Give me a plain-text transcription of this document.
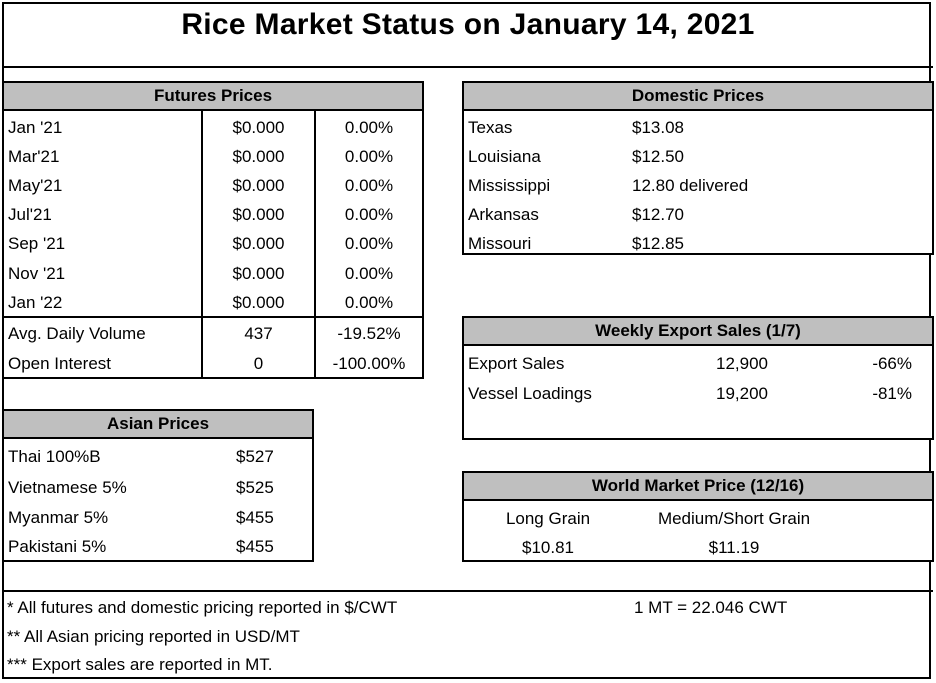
Rice Market Status on January 14, 2021
Futures Prices
Jan '21	$0.000	0.00%
Mar'21	$0.000	0.00%
May'21	$0.000	0.00%
Jul'21	$0.000	0.00%
Sep '21	$0.000	0.00%
Nov '21	$0.000	0.00%
Jan '22	$0.000	0.00%
Avg. Daily Volume	437	-19.52%
Open Interest	0	-100.00%
Domestic Prices
Texas	$13.08
Louisiana	$12.50
Mississippi	12.80 delivered
Arkansas	$12.70
Missouri	$12.85
Weekly Export Sales (1/7)
Export Sales	12,900	-66%
Vessel Loadings	19,200	-81%
Asian Prices
Thai 100%B	$527
Vietnamese 5%	$525
Myanmar 5%	$455
Pakistani 5%	$455
World Market Price (12/16)
Long Grain	Medium/Short Grain
$10.81	$11.19
* All futures and domestic pricing reported in $/CWT	1 MT = 22.046 CWT
** All Asian pricing reported in USD/MT
*** Export sales are reported in MT.
